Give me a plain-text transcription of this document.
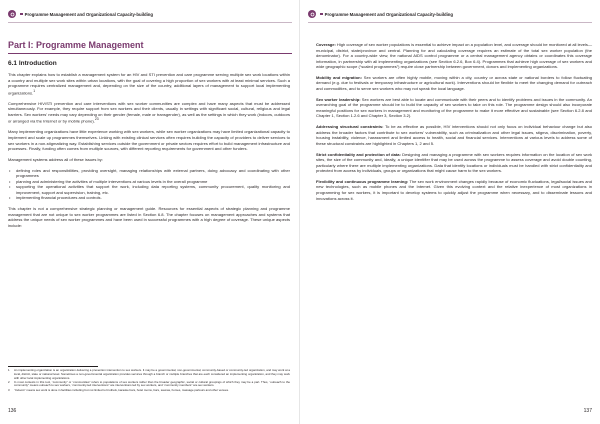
Programme Management and Organizational Capacity-building
Part I: Programme Management
6.1 Introduction

This chapter explains how to establish a management system for an HIV and STI prevention and care programme serving multiple sex work locations within a country and multiple sex work sites within urban locations, with the goal of covering a high proportion of sex workers with at least minimal services. Such a programme requires centralized management and, depending on the size of the country, additional layers of management to support local implementing organizations.$^1$

Comprehensive HIV/STI prevention and care interventions with sex worker communities are complex and have many aspects that must be addressed simultaneously. For example, they require support from sex workers and their clients, usually in settings with significant social, cultural, religious and legal barriers. Sex workers’ needs may vary depending on their gender (female, male or transgender), as well as the settings in which they work (indoors, outdoors or arranged via the Internet or by mobile phone).$^{23}$

Many implementing organizations have little experience working with sex workers, while sex worker organizations may have limited organizational capacity to implement and scale up programmes themselves. Linking with existing clinical services often requires building the capacity of providers to deliver services to sex workers in a non-stigmatizing way. Establishing services outside the government or private sectors requires effort to build management infrastructure and processes. Finally, funding often comes from multiple sources, with different reporting requirements for government and other funders.

Management systems address all of these issues by:

• defining roles and responsibilities, providing oversight, managing relationships with external partners, doing advocacy and coordinating with other programmes
• planning and administering the activities of multiple interventions at various levels in the overall programme
• supporting the operational activities that support the work, including data reporting systems, community procurement, quality monitoring and improvement, support and supervision, training, etc.
• implementing financial procedures and controls.

This chapter is not a comprehensive strategic planning or management guide. Resources for essential aspects of strategic planning and programme management that are not unique to sex worker programmes are listed in Section 6.8. The chapter focuses on management approaches and systems that address the unique needs of sex worker programmes and have been used in successful programmes with a high degree of coverage. These unique aspects include:

1	An implementing organization is an organization delivering a prevention intervention to sex workers. It may be a governmental, non-governmental, community-based or community-led organization, and may work at a local, district, state or national level. Sometimes a non-governmental organization provides services through a branch or multiple branches that are each considered an implementing organization, and they may work with other local implementing organizations.
2	In most contexts in this tool, “community” or “communities” refers to populations of sex workers rather than the broader geographic, social or cultural groupings of which they may be a part. Thus, “outreach to the community” means outreach to sex workers, “community-led interventions” are interventions led by sex workers, and “community members” are sex workers.
3	“Indoors” means sex work is done in facilities including but not limited to brothels, karaoke bars, hotel rooms, bars, saunas, homes, massage parlours and other venues.
136
Programme Management and Organizational Capacity-building

Coverage: High coverage of sex worker populations is essential to achieve impact on a population level, and coverage should be monitored at all levels—municipal, district, state/province and central. Planning for and calculating coverage requires an estimate of the total sex worker population (the denominator). For a country-wide view, the national AIDS control programme or a central management agency obtains or coordinates this coverage information, in partnership with all implementing organizations (see Section 6.2.6, Box 6.4). Programmes that achieve high coverage of sex workers and wide geographic scope (“scaled programmes”) require close partnership between government, donors and implementing organizations.

Mobility and migration: Sex workers are often highly mobile, moving within a city, country or across state or national borders to follow fluctuating demand (e.g. due to festivals or temporary infrastructure or agricultural work). Interventions should be flexible to meet the changing demand for outreach and commodities, and to serve sex workers who may not speak the local language.

Sex worker leadership: Sex workers are best able to locate and communicate with their peers and to identify problems and issues in the community. An overarching goal of the programme should be to build the capacity of sex workers to take on this role. The programme design should also incorporate meaningful positions for sex workers in management and monitoring of the programme to make it more effective and sustainable (see Section 6.2.8 and Chapter 1, Section 1.2.6 and Chapter 3, Section 3.2).

Addressing structural constraints: To be as effective as possible, HIV interventions should not only focus on individual behaviour change but also address the broader factors that contribute to sex workers’ vulnerability, such as criminalization and other legal issues, stigma, discrimination, poverty, housing instability, violence, harassment and limited access to health, social and financial services. Interventions at various levels to address some of these structural constraints are highlighted in Chapters 1, 2 and 5.

Strict confidentiality and protection of data: Designing and managing a programme with sex workers requires information on the location of sex work sites, the size of the community and, ideally, a unique identifier that may be used across the programme to assess coverage and avoid double counting, particularly where there are multiple implementing organizations. Data that identify locations or individuals must be handled with strict confidentiality and protected from access by individuals, groups or organizations that might cause harm to the sex workers.

Flexibility and continuous programme learning: The sex work environment changes rapidly because of economic fluctuations, legal/social issues and new technologies, such as mobile phones and the Internet. Given this evolving context and the relative inexperience of most organizations in programming for sex workers, it is important to develop systems to quickly adjust the programme when necessary, and to disseminate lessons and innovations across it.

137
